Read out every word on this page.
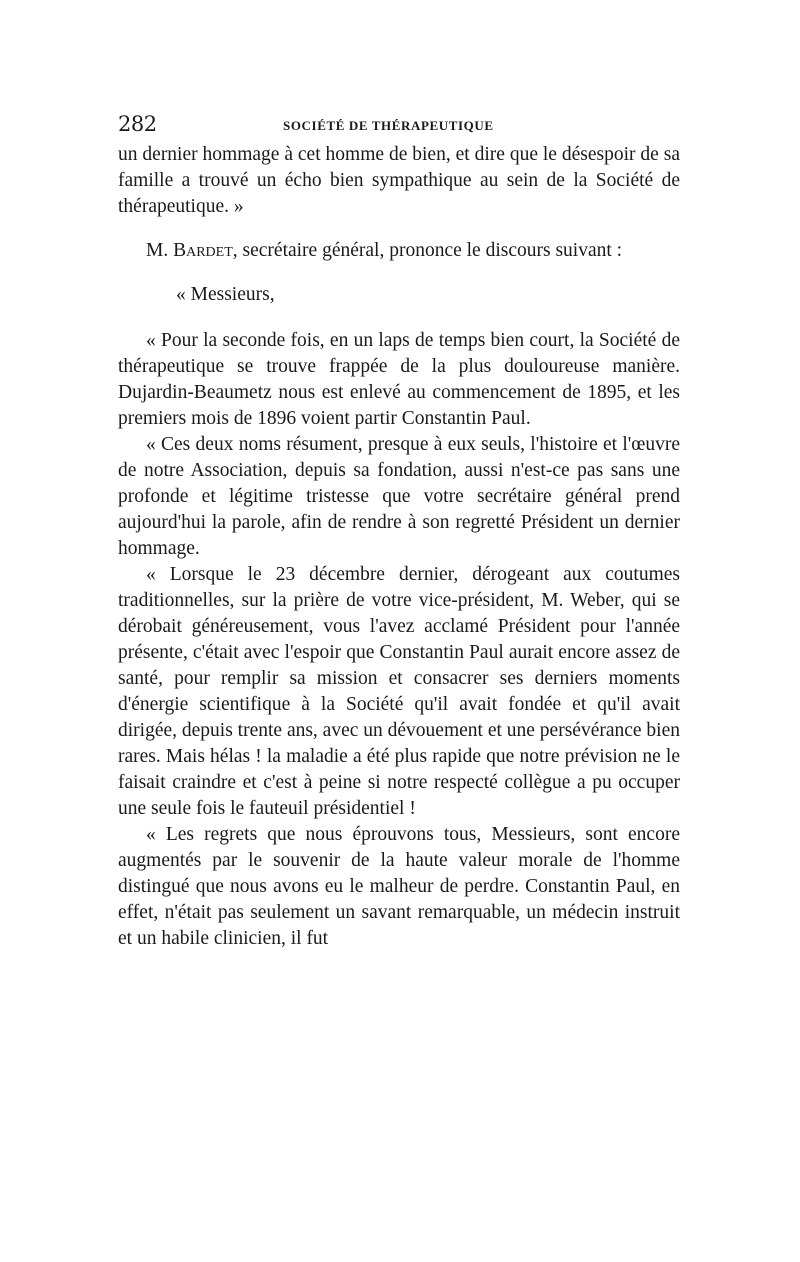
282	SOCIÉTÉ DE THÉRAPEUTIQUE

un dernier hommage à cet homme de bien, et dire que le désespoir de sa famille a trouvé un écho bien sympathique au sein de la Société de thérapeutique. »

M. Bardet, secrétaire général, prononce le discours suivant :

« Messieurs,

« Pour la seconde fois, en un laps de temps bien court, la Société de thérapeutique se trouve frappée de la plus douloureuse manière. Dujardin-Beaumetz nous est enlevé au commencement de 1895, et les premiers mois de 1896 voient partir Constantin Paul.

« Ces deux noms résument, presque à eux seuls, l'histoire et l'œuvre de notre Association, depuis sa fondation, aussi n'est-ce pas sans une profonde et légitime tristesse que votre secrétaire général prend aujourd'hui la parole, afin de rendre à son regretté Président un dernier hommage.

« Lorsque le 23 décembre dernier, dérogeant aux coutumes traditionnelles, sur la prière de votre vice-président, M. Weber, qui se dérobait généreusement, vous l'avez acclamé Président pour l'année présente, c'était avec l'espoir que Constantin Paul aurait encore assez de santé, pour remplir sa mission et consacrer ses derniers moments d'énergie scientifique à la Société qu'il avait fondée et qu'il avait dirigée, depuis trente ans, avec un dévouement et une persévérance bien rares. Mais hélas ! la maladie a été plus rapide que notre prévision ne le faisait craindre et c'est à peine si notre respecté collègue a pu occuper une seule fois le fauteuil présidentiel !

« Les regrets que nous éprouvons tous, Messieurs, sont encore augmentés par le souvenir de la haute valeur morale de l'homme distingué que nous avons eu le malheur de perdre. Constantin Paul, en effet, n'était pas seulement un savant remarquable, un médecin instruit et un habile clinicien, il fut
